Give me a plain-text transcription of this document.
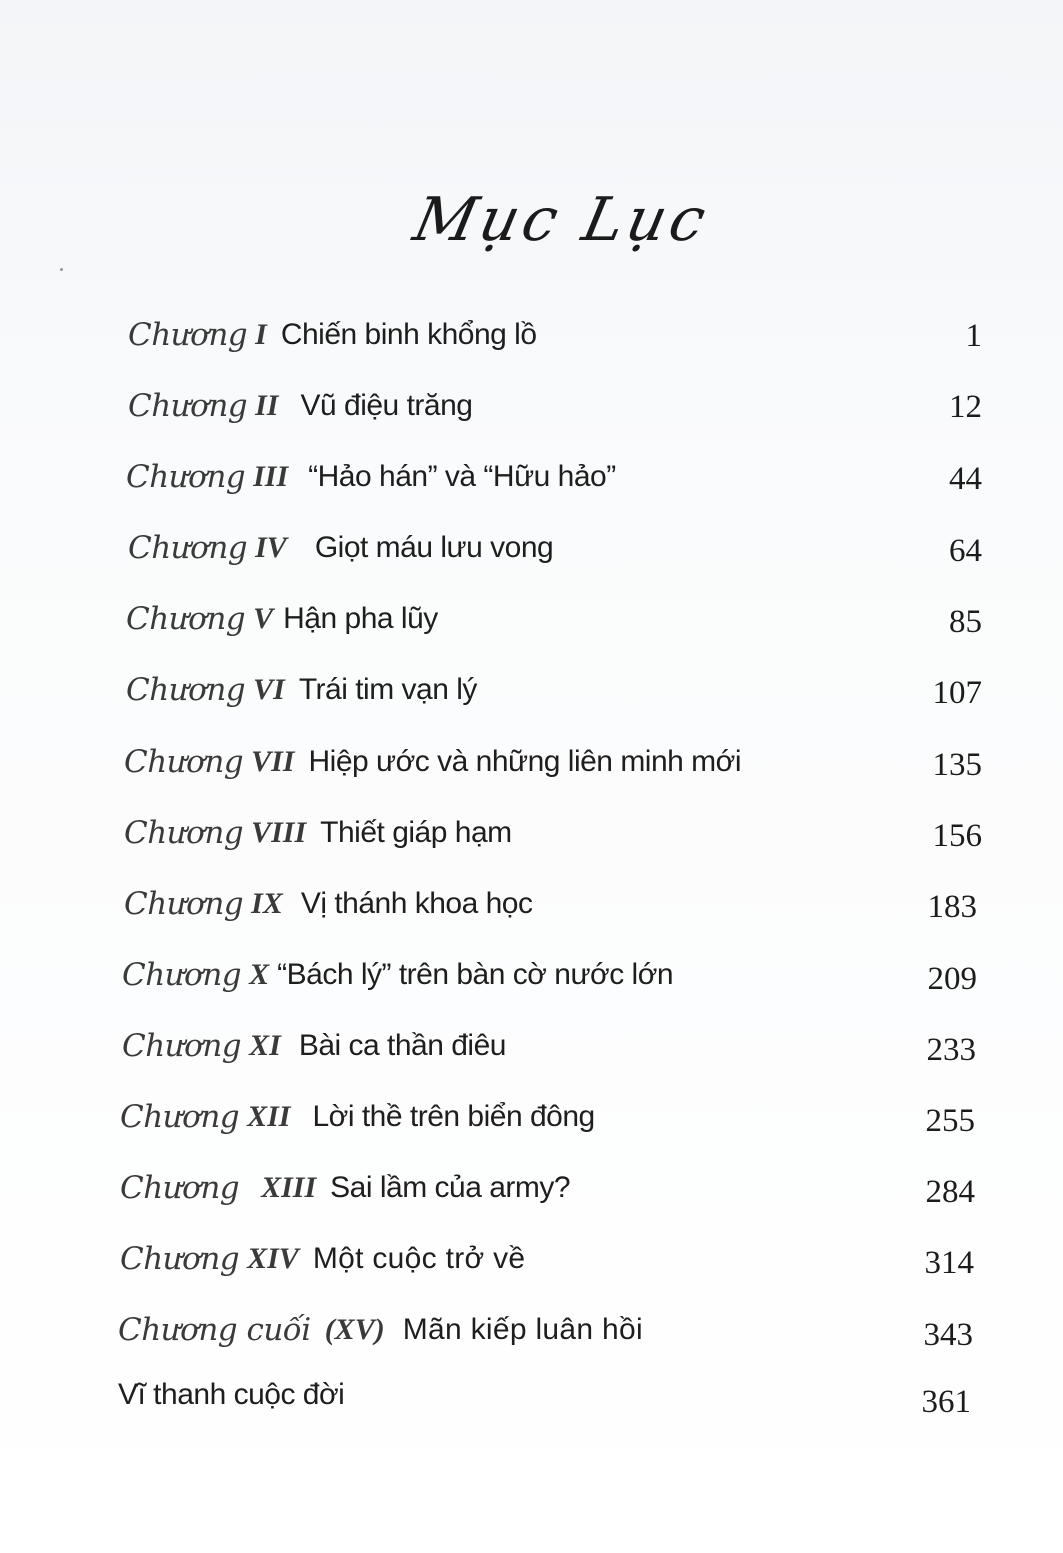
Mục Lục
Chương I Chiến binh khổng lồ	1
Chương II Vũ điệu trăng	12
Chương III “Hảo hán” và “Hữu hảo”	44
Chương IV Giọt máu lưu vong	64
Chương V Hận pha lũy	85
Chương VI Trái tim vạn lý	107
Chương VII Hiệp ước và những liên minh mới	135
Chương VIII Thiết giáp hạm	156
Chương IX Vị thánh khoa học	183
Chương X “Bách lý” trên bàn cờ nước lớn	209
Chương XI Bài ca thần điêu	233
Chương XII Lời thề trên biển đông	255
Chương XIII Sai lầm của army?	284
Chương XIV Một cuộc trở về	314
Chương cuối (XV) Mãn kiếp luân hồi	343
Vĩ thanh cuộc đời	361
